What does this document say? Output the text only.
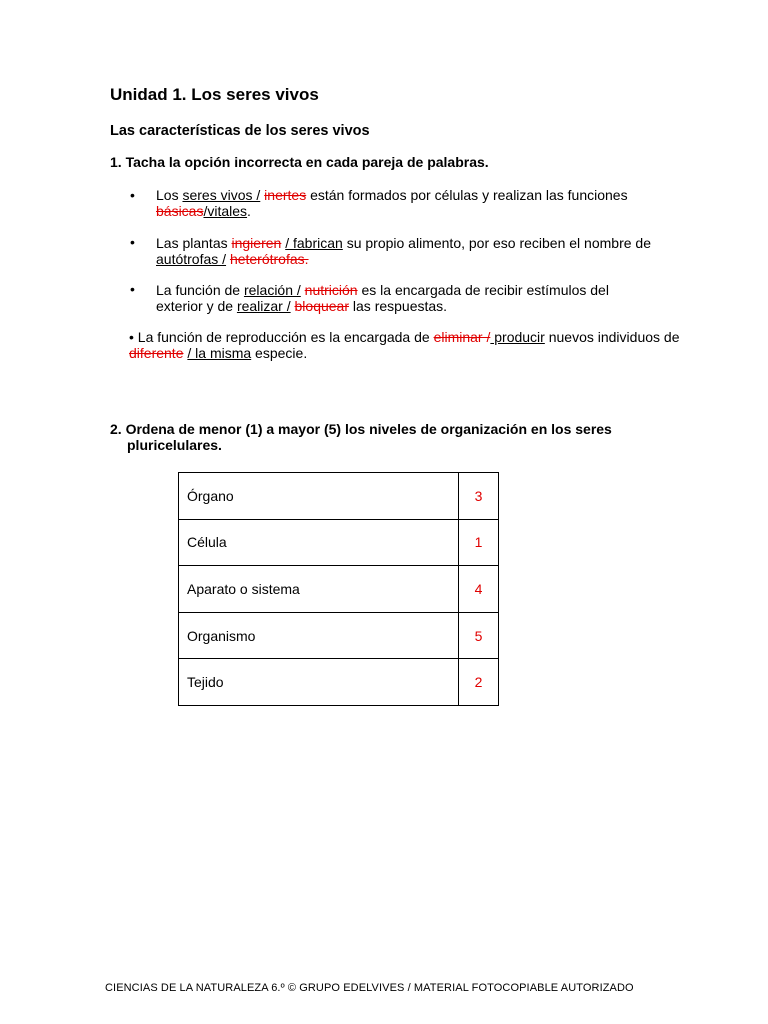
Unidad 1. Los seres vivos
Las características de los seres vivos
1. Tacha la opción incorrecta en cada pareja de palabras.
• Los seres vivos / inertes están formados por células y realizan las funciones
básicas/vitales.
• Las plantas ingieren / fabrican su propio alimento, por eso reciben el nombre de
autótrofas / heterótrofas.
• La función de relación / nutrición es la encargada de recibir estímulos del
exterior y de realizar / bloquear las respuestas.
• La función de reproducción es la encargada de eliminar / producir nuevos individuos de
diferente / la misma especie.
2. Ordena de menor (1) a mayor (5) los niveles de organización en los seres
pluricelulares.
Órgano	3
Célula	1
Aparato o sistema	4
Organismo	5
Tejido	2
CIENCIAS DE LA NATURALEZA 6.º © GRUPO EDELVIVES / MATERIAL FOTOCOPIABLE AUTORIZADO
